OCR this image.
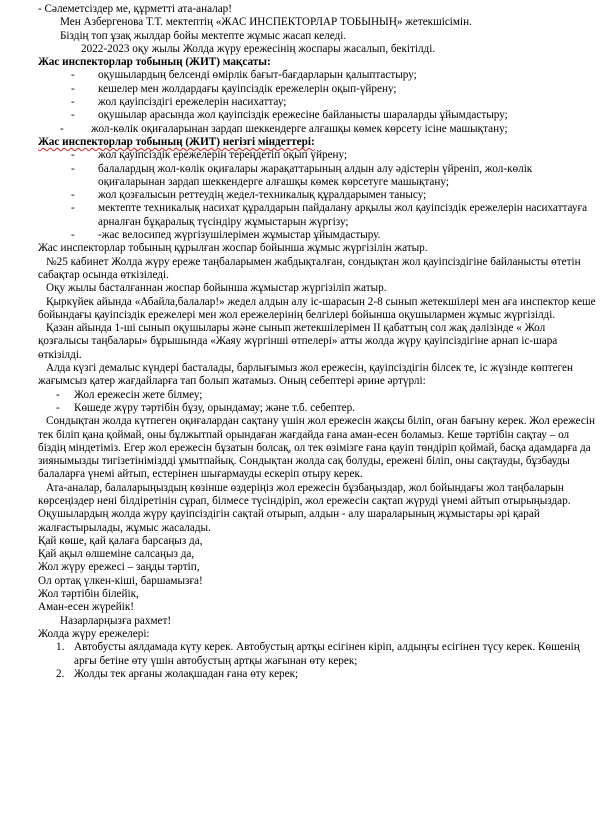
- Сәлеметсіздер ме, құрметті ата-аналар!

Мен Азбергенова Т.Т. мектептің «ЖАС ИНСПЕКТОРЛАР ТОБЫНЫҢ» жетекшісімін.

Біздің топ ұзақ жылдар бойы мектепте жұмыс жасап келеді.

2022-2023 оқу жылы Жолда жүру ережесінің жоспары жасалып, бекітілді.

Жас инспекторлар тобының (ЖИТ) мақсаты:

- оқушылардың белсенді өмірлік бағыт-бағдарларын қалыптастыру;
- кешелер мен жолдардағы қауіпсіздік ережелерін оқып-үйрену;
- жол қауіпсіздігі ережелерін насихаттау;
- оқушылар арасында жол қауіпсіздік ережесіне байланысты шараларды ұйымдастыру;
- жол-көлік оқиғаларынан зардап шеккендерге алғашқы көмек көрсету ісіне машықтану;

Жас инспекторлар тобының (ЖИТ) негізгі міндеттері:

- жол қауіпсіздік ережелерін тереңдетіп оқып үйрену;
- балалардың жол-көлік оқиғалары жарақаттарының алдын алу әдістерін үйреніп, жол-көлік оқиғаларынан зардап шеккендерге алғашқы көмек көрсетуге машықтану;
- жол қозғалысын реттеудің жедел-техникалық құралдарымен танысу;
- мектепте техникалық насихат құралдарын пайдалану арқылы жол қауіпсіздік ережелерін насихаттауға арналған бұқаралық түсіндіру жұмыстарын жүргізу;
- -жас велосипед жүргізушілерімен жұмыстар ұйымдастыру.

Жас инспекторлар тобының құрылған жоспар бойынша жұмыс жүргізілін жатыр.

№25 кабинет Жолда жүру ереже таңбаларымен жабдықталған, сондықтан жол қауіпсіздігіне байланысты өтетін сабақтар осында өткізіледі.

Оқу жылы басталғаннан жоспар бойынша жұмыстар жүргізіліп жатыр.

Қыркүйек айында «Абайла,балалар!» жедел алдын алу іс-шарасын 2-8 сынып жетекшілері мен аға инспектор кеше бойындағы қауіпсіздік ережелері мен жол ережелерінің белгілері бойынша оқушылармен жұмыс жүргізілді.

Қазан айында 1-ші сынып оқушылары және сынып жетекшілерімен ІІ қабаттың сол жақ дәлізінде « Жол қозғалысы таңбалары» бұрышында «Жаяу жүргінші өтпелері» атты жолда жүру қауіпсіздігіне арнап іс-шара өткізілді.

Алда күзгі демалыс күндері басталады, барлығымыз жол ережесін, қауіпсіздігін білсек те, іс жүзінде көптеген жағымсыз қатер жағдайларға тап болып жатамыз. Оның себептері әрине әртүрлі:

- Жол ережесін жете білмеу;
- Көшеде жүру тәртібін бұзу, орындамау; және т.б. себептер.

Сондықтан жолда күтпеген оқиғалардан сақтану үшін жол ережесін жақсы біліп, оған бағыну керек. Жол ережесін тек біліп қана қоймай, оны бұлжытпай орындаған жағдайда ғана аман-есен боламыз. Кеше тәртібін сақтау – ол біздің міндетіміз. Егер жол ережесін бұзатын болсақ, ол тек өзімізге ғана қауіп төндіріп қоймай, басқа адамдарға да зиянымызды тигізетініміздді ұмытпайық. Сондықтан жолда сақ болуды, ережені біліп, оны сақтауды, бұзбауды балаларға үнемі айтып, естерінен шығармауды ескеріп отыру керек.

Ата-аналар, балаларыңыздың көзінше өздеріңіз жол ережесін бұзбаңыздар, жол бойындағы жол таңбаларын көрсеңіздер нені білдіретінін сұрап, білмесе түсіндіріп, жол ережесін сақтап жүруді үнемі айтып отырыңыздар.

Оқушылардың жолда жүру қауіпсіздігін сақтай отырып, алдын - алу шараларының жұмыстары әрі қарай жалғастырылады, жұмыс жасалады.

Қай көше, қай қалаға барсаңыз да,

Қай ақыл өлшеміне салсаңыз да,

Жол жүру ережесі – заңды тәртіп,

Ол ортақ үлкен-кіші, баршамызға!

Жол тәртібін білейік,

Аман-есен жүрейік!

Назарларңызға рахмет!

Жолда жүру ережелері:

1. Автобусты аялдамада күту керек. Автобустың артқы есігінен кіріп, алдыңғы есігінен түсу керек. Көшенің арғы бетіне өту үшін автобустың артқы жағынан өту керек;
2. Жолды тек арғаны жолақшадан ғана өту керек;
